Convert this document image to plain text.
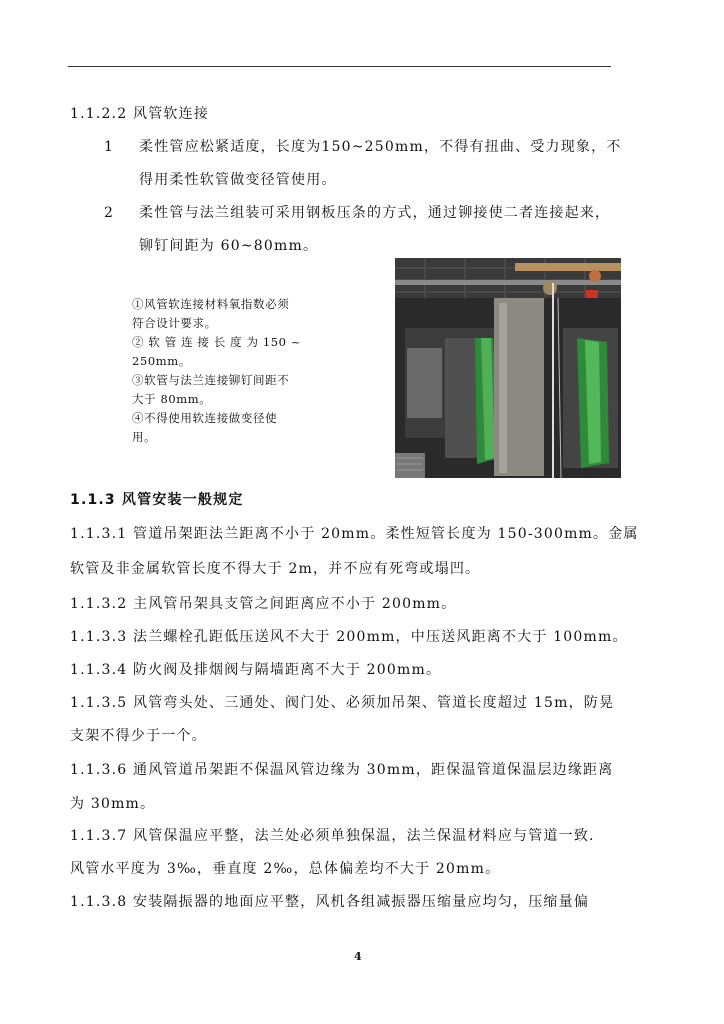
1.1.2.2 风管软连接
1 柔性管应松紧适度，长度为150~250mm，不得有扭曲、受力现象，不
得用柔性软管做变径管使用。
2 柔性管与法兰组装可采用钢板压条的方式，通过铆接使二者连接起来，
铆钉间距为 60~80mm。
①风管软连接材料氧指数必须
符合设计要求。
② 软 管 连 接 长 度 为 150 ~
250mm。
③软管与法兰连接铆钉间距不
大于 80mm。
④不得使用软连接做变径使
用。
1.1.3 风管安装一般规定
1.1.3.1 管道吊架距法兰距离不小于 20mm。柔性短管长度为 150-300mm。金属
软管及非金属软管长度不得大于 2m，并不应有死弯或塌凹。
1.1.3.2 主风管吊架具支管之间距离应不小于 200mm。
1.1.3.3 法兰螺栓孔距低压送风不大于 200mm，中压送风距离不大于 100mm。
1.1.3.4 防火阀及排烟阀与隔墙距离不大于 200mm。
1.1.3.5 风管弯头处、三通处、阀门处、必须加吊架、管道长度超过 15m，防晃
支架不得少于一个。
1.1.3.6 通风管道吊架距不保温风管边缘为 30mm，距保温管道保温层边缘距离
为 30mm。
1.1.3.7 风管保温应平整，法兰处必须单独保温，法兰保温材料应与管道一致.
风管水平度为 3‰，垂直度 2‰，总体偏差均不大于 20mm。
1.1.3.8 安装隔振器的地面应平整，风机各组减振器压缩量应均匀，压缩量偏
4
